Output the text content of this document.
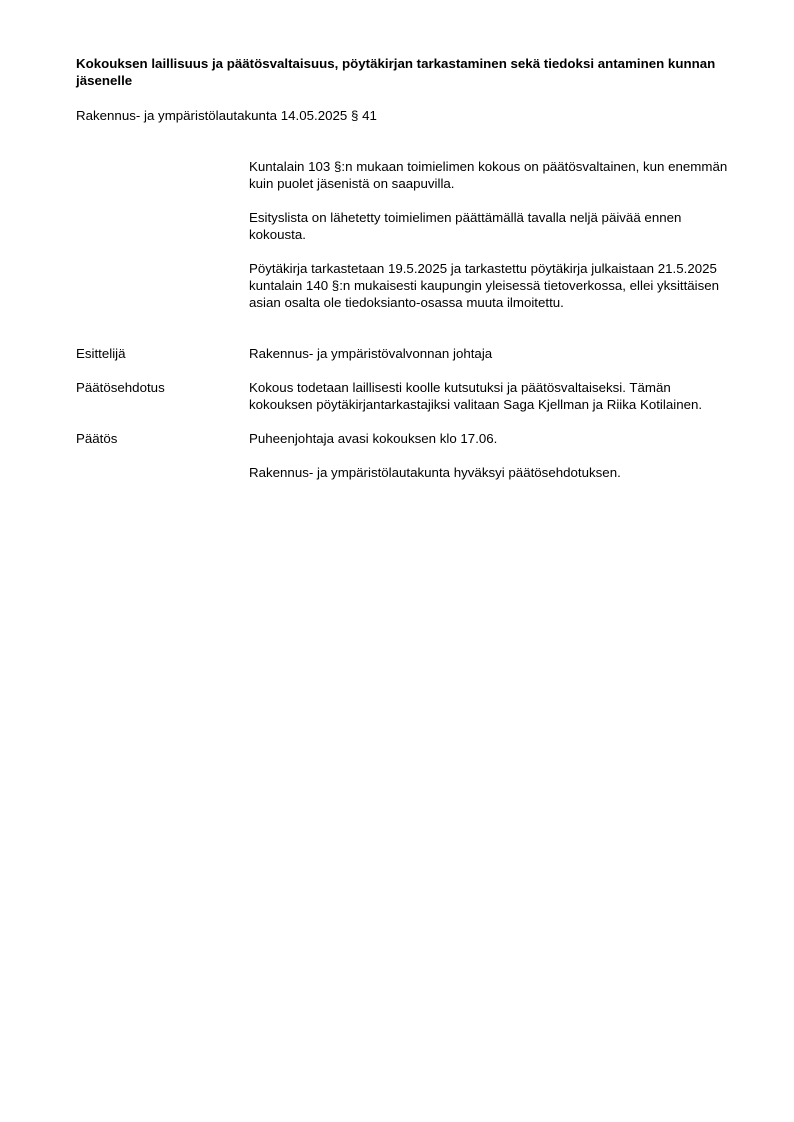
Kokouksen laillisuus ja päätösvaltaisuus, pöytäkirjan tarkastaminen sekä tiedoksi antaminen kunnan jäsenelle
Rakennus- ja ympäristölautakunta 14.05.2025 § 41

Kuntalain 103 §:n mukaan toimielimen kokous on päätösvaltainen, kun enemmän kuin puolet jäsenistä on saapuvilla.

Esityslista on lähetetty toimielimen päättämällä tavalla neljä päivää ennen kokousta.

Pöytäkirja tarkastetaan 19.5.2025 ja tarkastettu pöytäkirja julkaistaan 21.5.2025 kuntalain 140 §:n mukaisesti kaupungin yleisessä tietoverkossa, ellei yksittäisen asian osalta ole tiedoksianto-osassa muuta ilmoitettu.

Esittelijä	Rakennus- ja ympäristövalvonnan johtaja

Päätösehdotus	Kokous todetaan laillisesti koolle kutsutuksi ja päätösvaltaiseksi. Tämän kokouksen pöytäkirjantarkastajiksi valitaan Saga Kjellman ja Riika Kotilainen.

Päätös	Puheenjohtaja avasi kokouksen klo 17.06.

Rakennus- ja ympäristölautakunta hyväksyi päätösehdotuksen.
